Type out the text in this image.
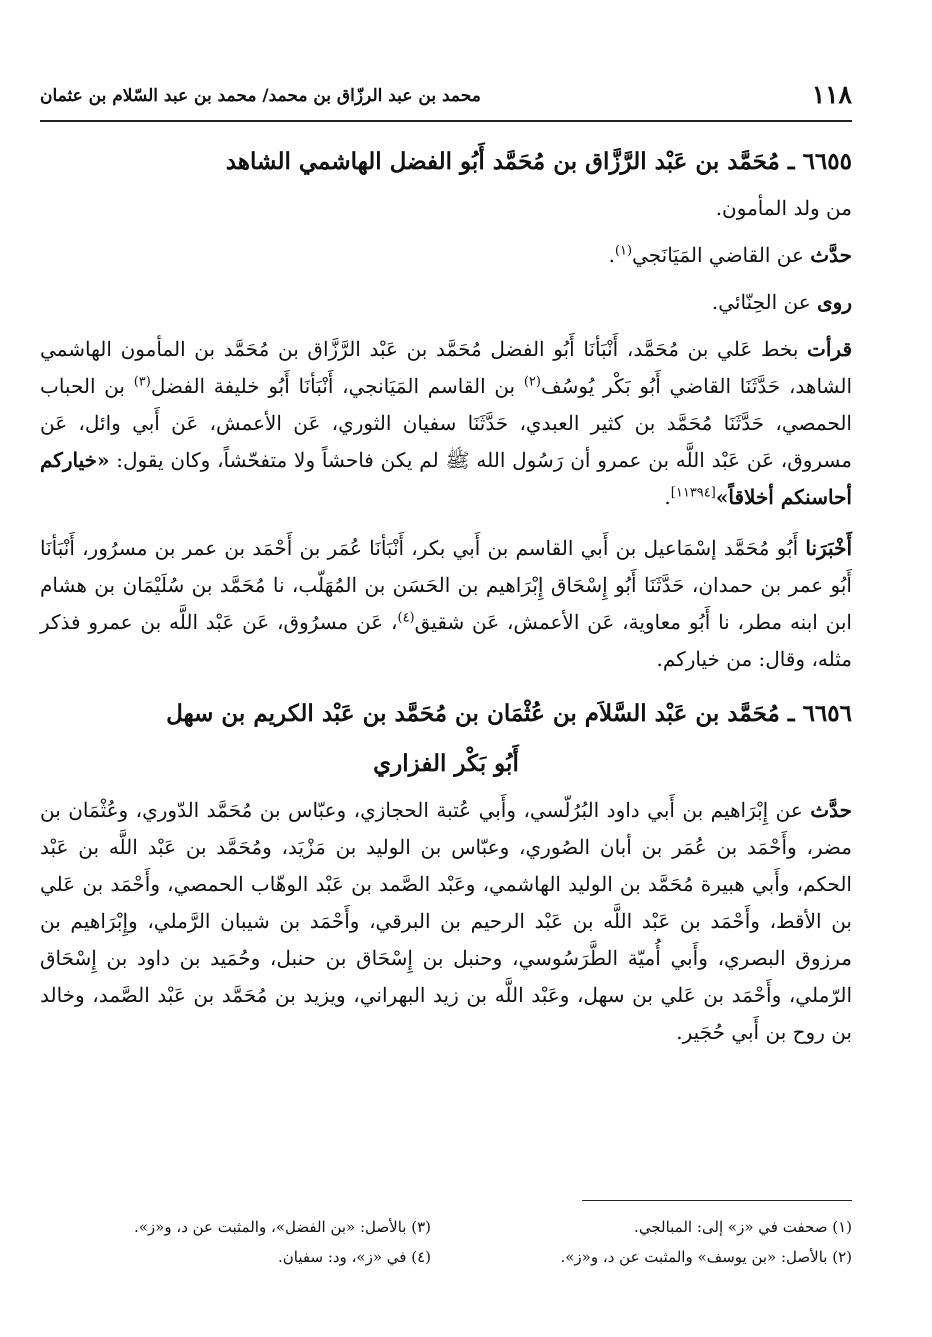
١١٨
محمد بن عبد الرزّاق بن محمد/ محمد بن عبد السّلام بن عثمان
٦٦٥٥ ـ مُحَمَّد بن عَبْد الرَّزَّاق بن مُحَمَّد أَبُو الفضل الهاشمي الشاهد

من ولد المأمون.

حدَّث عن القاضي المَيَانَجي$^{(١)}$.

روى عن الحِنّائي.

قرأت بخط عَلي بن مُحَمَّد، أَنْبَأنَا أَبُو الفضل مُحَمَّد بن عَبْد الرَّزَّاق بن مُحَمَّد بن المأمون الهاشمي الشاهد، حَدَّثَنَا القاضي أَبُو بَكْر يُوسُف$^{(٢)}$ بن القاسم المَيَانجي، أَنْبَأنَا أَبُو خليفة الفضل$^{(٣)}$ بن الحباب الحمصي، حَدَّثَنَا مُحَمَّد بن كثير العبدي، حَدَّثَنَا سفيان الثوري، عَن الأعمش، عَن أَبي وائل، عَن مسروق، عَن عَبْد اللَّه بن عمرو أن رَسُول الله ﷺ لم يكن فاحشاً ولا متفحّشاً، وكان يقول: «خياركم أحاسنكم أخلاقاً»[١١٣٩٤].

أَخْبَرَنا أَبُو مُحَمَّد إسْمَاعيل بن أَبي القاسم بن أَبي بكر، أَنْبَأنَا عُمَر بن أَحْمَد بن عمر بن مسرُور، أَنْبَأنَا أَبُو عمر بن حمدان، حَدَّثَنَا أَبُو إِسْحَاق إِبْرَاهيم بن الحَسَن بن المُهَلّب، نا مُحَمَّد بن سُلَيْمَان بن هشام ابن ابنه مطر، نا أَبُو معاوية، عَن الأعمش، عَن شقيق$^{(٤)}$، عَن مسرُوق، عَن عَبْد اللَّه بن عمرو فذكر مثله، وقال: من خياركم.

٦٦٥٦ ـ مُحَمَّد بن عَبْد السَّلاَم بن عُثْمَان بن مُحَمَّد بن عَبْد الكريم بن سهل
أَبُو بَكْر الفزاري

حدَّث عن إِبْرَاهيم بن أَبي داود البُرُلّسي، وأَبي عُتبة الحجازي، وعبّاس بن مُحَمَّد الدّوري، وعُثْمَان بن مضر، وأَحْمَد بن عُمَر بن أبان الصُوري، وعبّاس بن الوليد بن مَزْيَد، ومُحَمَّد بن عَبْد اللَّه بن عَبْد الحكم، وأَبي هبيرة مُحَمَّد بن الوليد الهاشمي، وعَبْد الصَّمد بن عَبْد الوهّاب الحمصي، وأَحْمَد بن عَلي بن الأقط، وأَحْمَد بن عَبْد اللَّه بن عَبْد الرحيم بن البرقي، وأَحْمَد بن شيبان الرَّملي، وإِبْرَاهيم بن مرزوق البصري، وأَبي أُميّة الطَّرَسُوسي، وحنبل بن إِسْحَاق بن حنبل، وحُمَيد بن داود بن إِسْحَاق الرّملي، وأَحْمَد بن عَلي بن سهل، وعَبْد اللَّه بن زيد البهراني، ويزيد بن مُحَمَّد بن عَبْد الصَّمد، وخالد بن روح بن أَبي حُجَير.

(١) صحفت في «ز» إلى: المبالجي.
(٣) بالأصل: «بن الفضل»، والمثبت عن د، و«ز».
(٢) بالأصل: «بن يوسف» والمثبت عن د، و«ز».
(٤) في «ز»، ود: سفيان.
